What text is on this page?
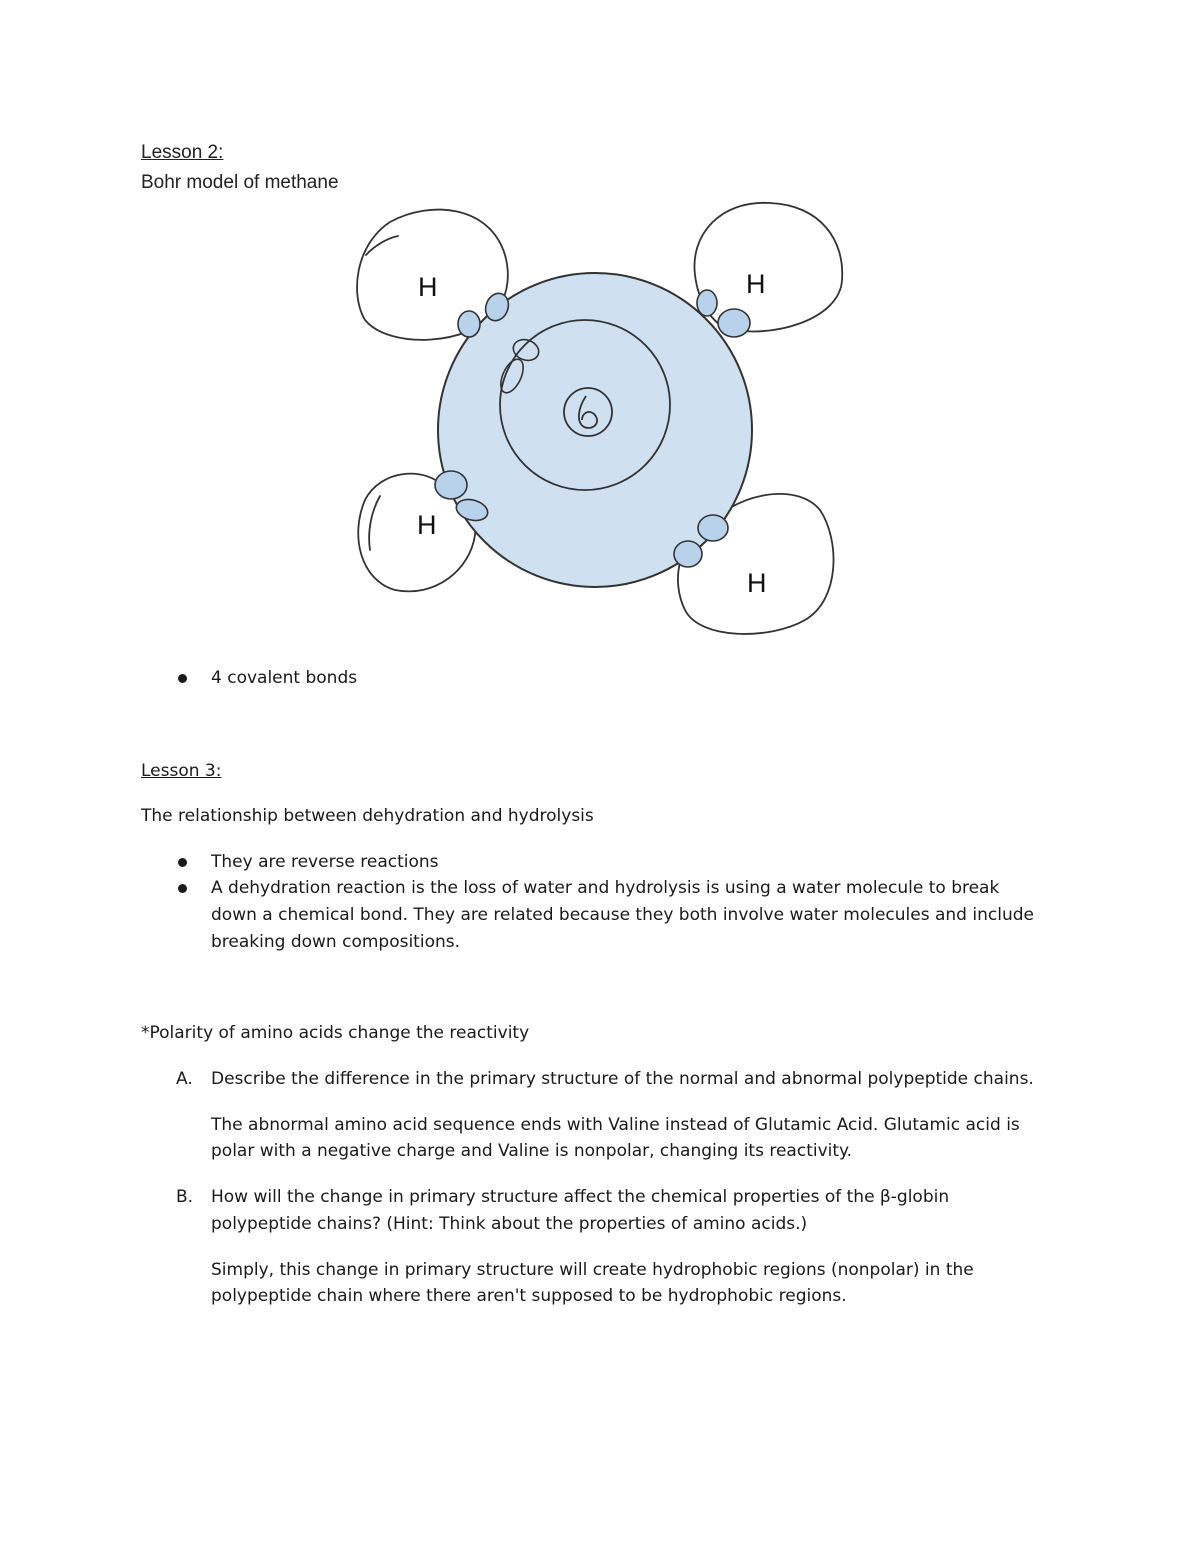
Lesson 2:
Bohr model of methane
H	H
H
H
4 covalent bonds
Lesson 3:
The relationship between dehydration and hydrolysis
They are reverse reactions
A dehydration reaction is the loss of water and hydrolysis is using a water molecule to break
down a chemical bond. They are related because they both involve water molecules and include
breaking down compositions.
*Polarity of amino acids change the reactivity
A. Describe the difference in the primary structure of the normal and abnormal polypeptide chains.
The abnormal amino acid sequence ends with Valine instead of Glutamic Acid. Glutamic acid is
polar with a negative charge and Valine is nonpolar, changing its reactivity.
B. How will the change in primary structure affect the chemical properties of the β-globin
polypeptide chains? (Hint: Think about the properties of amino acids.)
Simply, this change in primary structure will create hydrophobic regions (nonpolar) in the
polypeptide chain where there aren't supposed to be hydrophobic regions.
